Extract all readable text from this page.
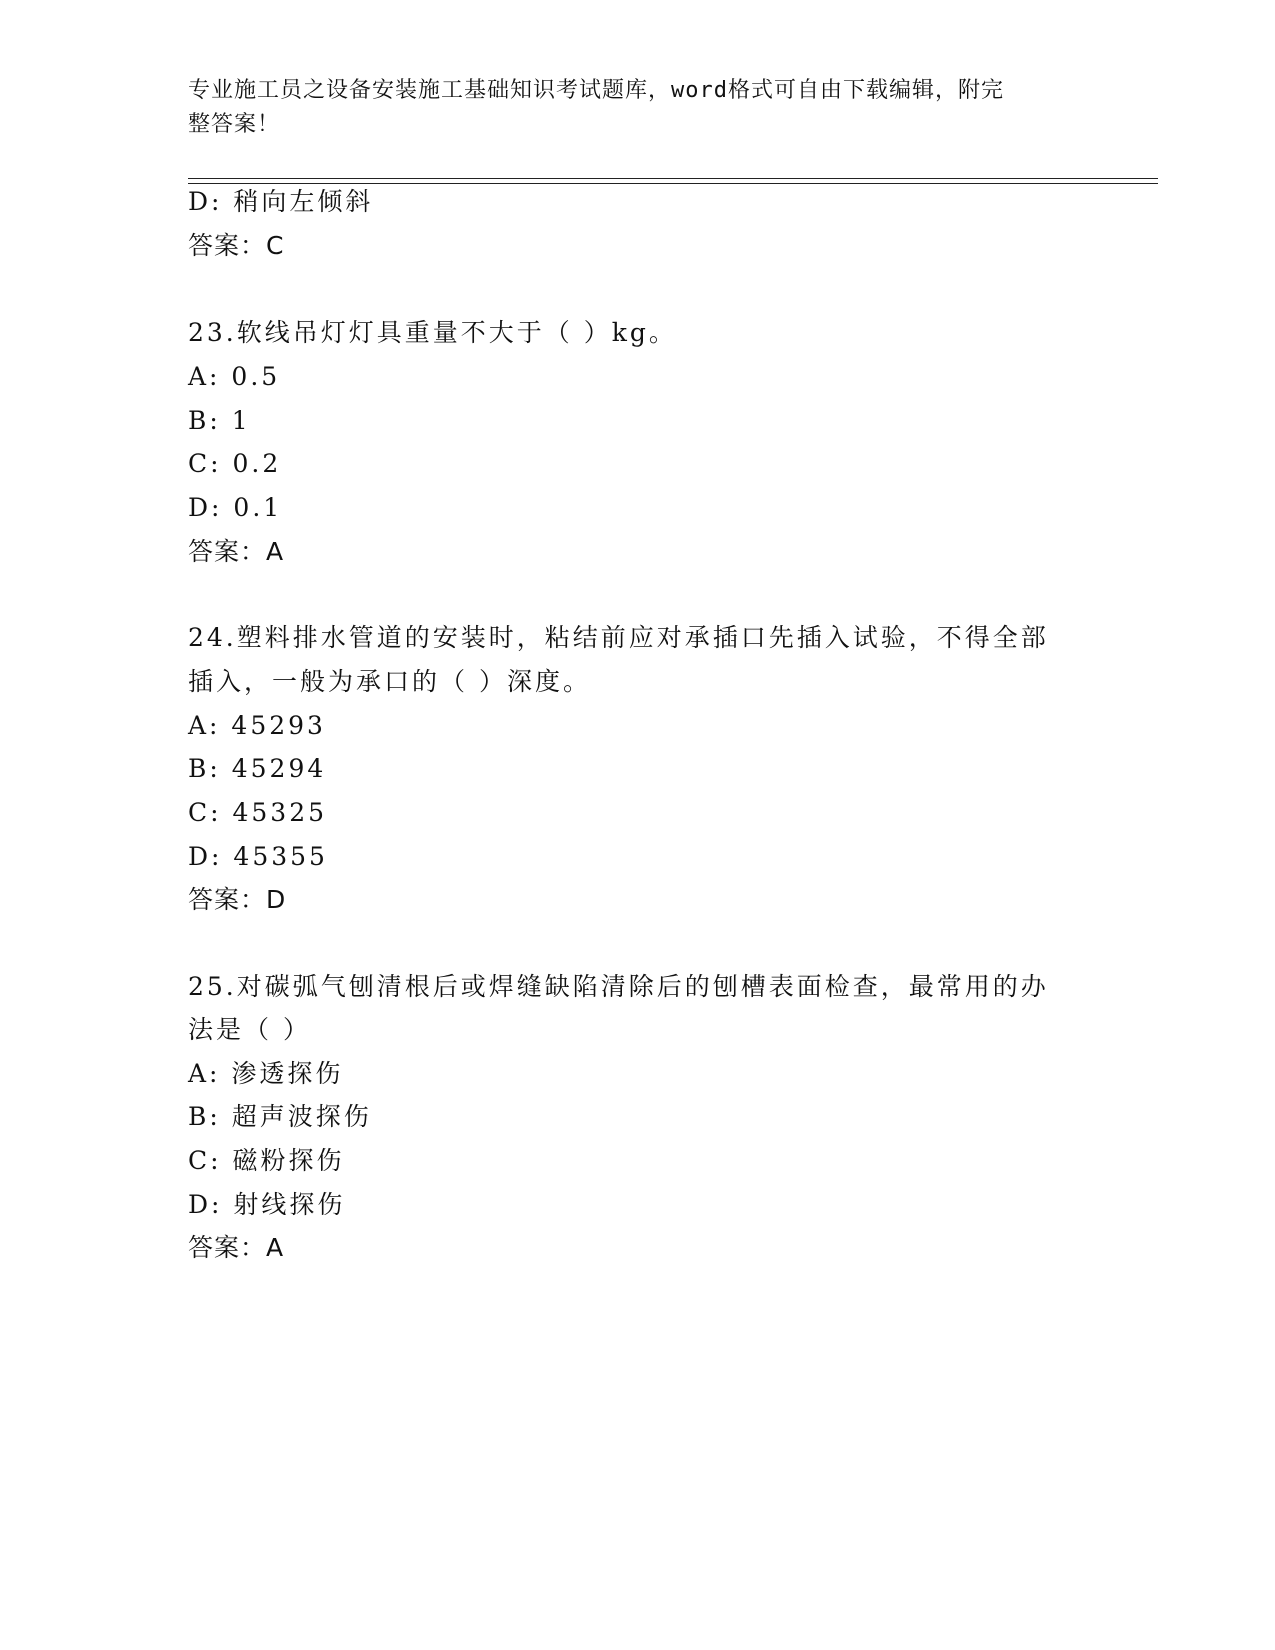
专业施工员之设备安装施工基础知识考试题库，word格式可自由下载编辑，附完
整答案！
D: 稍向左倾斜
答案：C
23.软线吊灯灯具重量不大于（ ）kg。
A: 0.5
B: 1
C: 0.2
D: 0.1
答案：A
24.塑料排水管道的安装时，粘结前应对承插口先插入试验，不得全部
插入，一般为承口的（ ）深度。
A: 45293
B: 45294
C: 45325
D: 45355
答案：D
25.对碳弧气刨清根后或焊缝缺陷清除后的刨槽表面检查，最常用的办
法是（ ）
A: 渗透探伤
B: 超声波探伤
C: 磁粉探伤
D: 射线探伤
答案：A
